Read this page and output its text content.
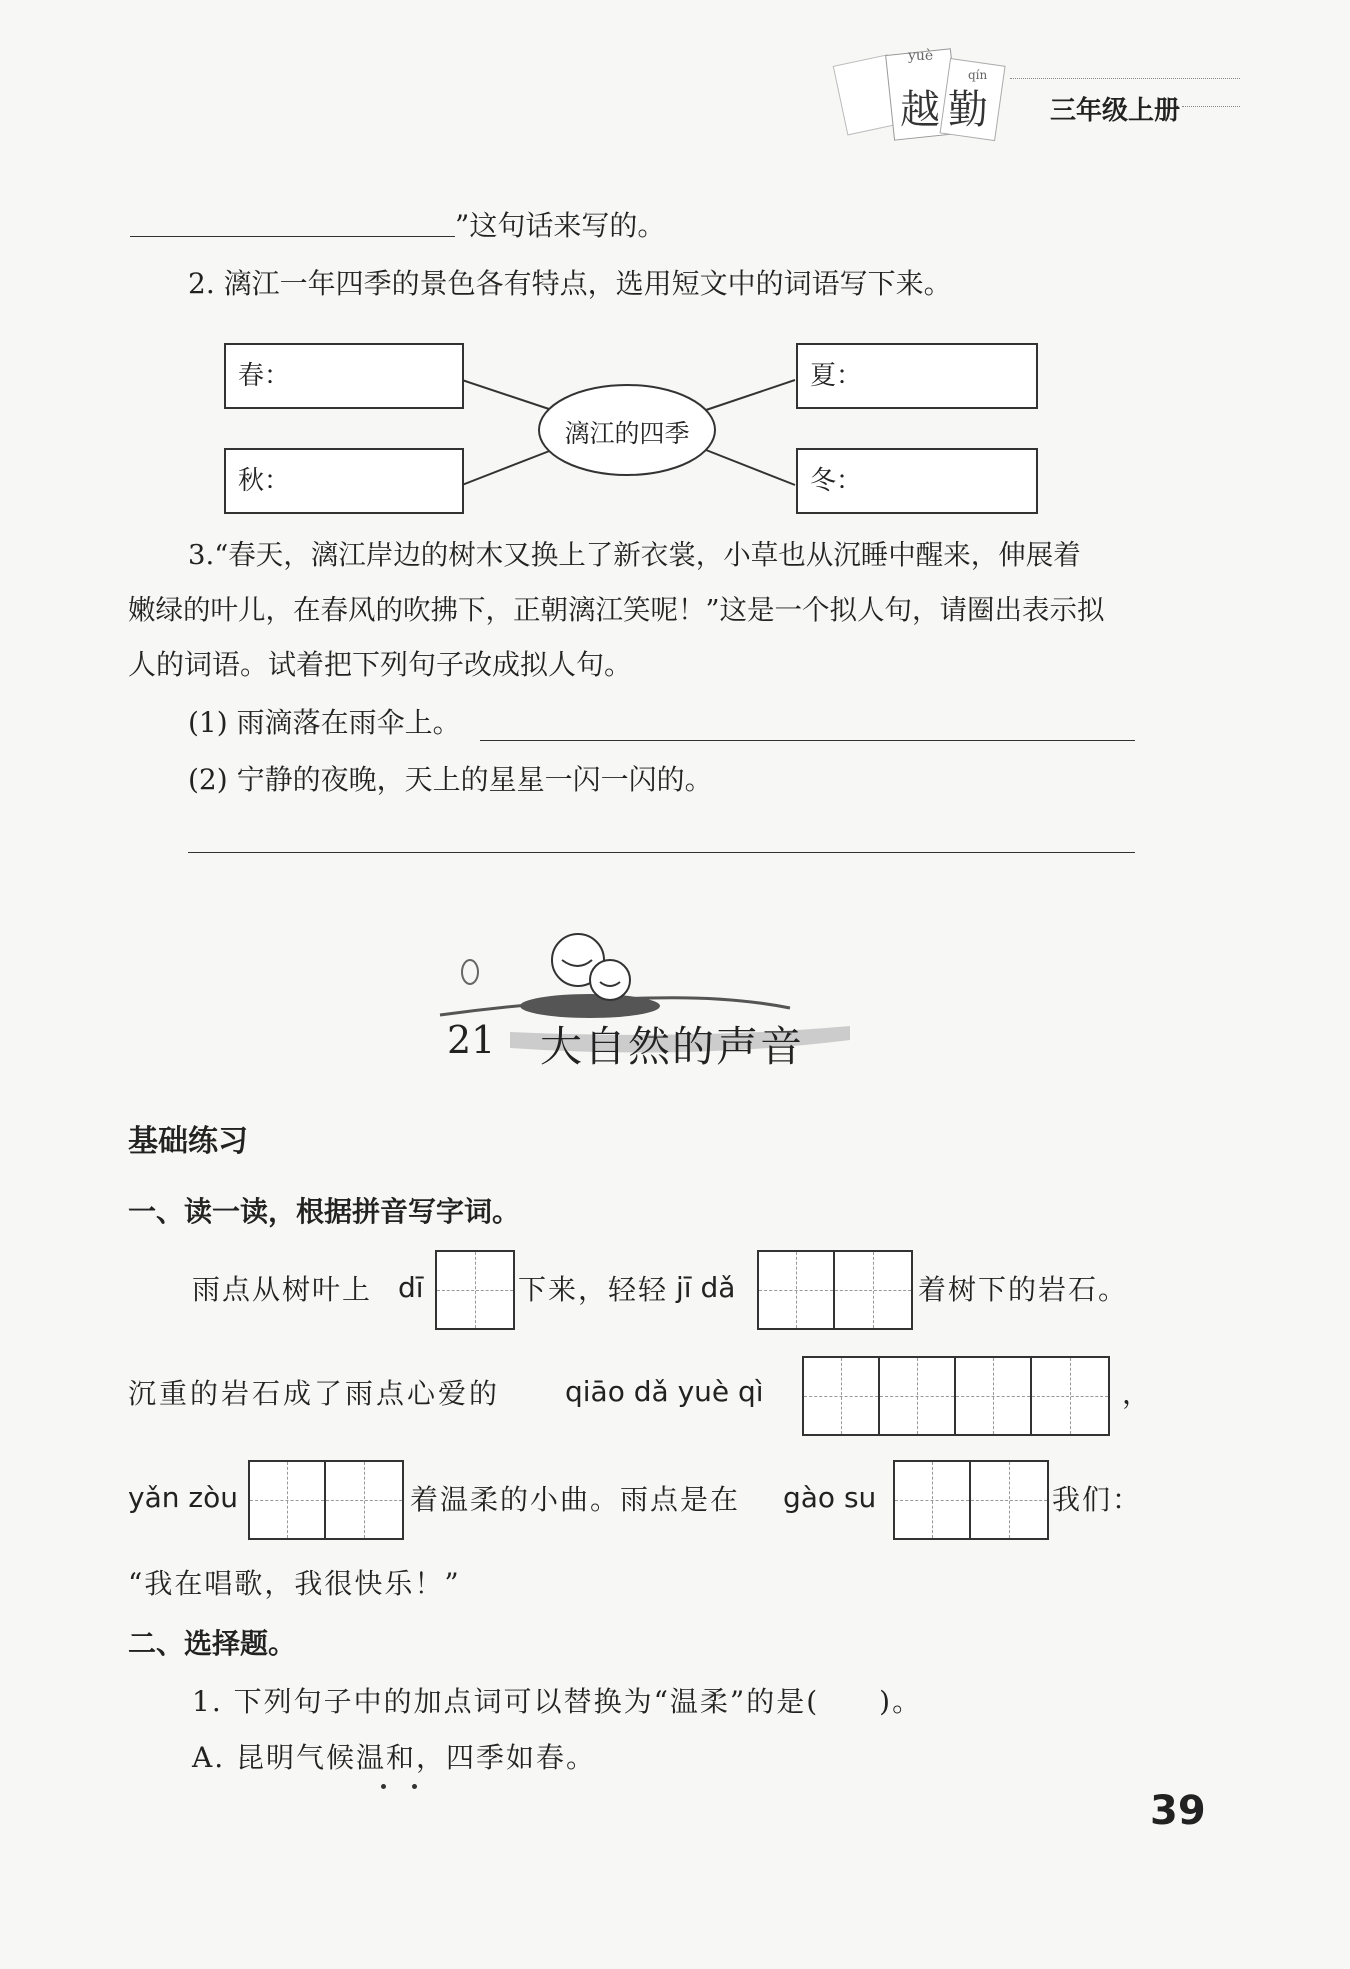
yuè
qín
越勤 三年级上册
”这句话来写的。
2. 漓江一年四季的景色各有特点，选用短文中的词语写下来。
漓江的四季
春：
秋：
夏：
冬：
3.“春天，漓江岸边的树木又换上了新衣裳，小草也从沉睡中醒来，伸展着
嫩绿的叶儿，在春风的吹拂下，正朝漓江笑呢！”这是一个拟人句，请圈出表示拟
人的词语。试着把下列句子改成拟人句。
(1) 雨滴落在雨伞上。
(2) 宁静的夜晚，天上的星星一闪一闪的。
21 大自然的声音
基础练习
一、读一读，根据拼音写字词。
雨点从树叶上 dī	下来，轻轻 jī dǎ	着树下的岩石。
沉重的岩石成了雨点心爱的 qiāo dǎ yuè qì	，
yǎn zòu	着温柔的小曲。雨点是在 gào su	我们：
“我在唱歌，我很快乐！”
二、选择题。
1. 下列句子中的加点词可以替换为“温柔”的是(　　)。
A. 昆明气候温和，四季如春。
39
